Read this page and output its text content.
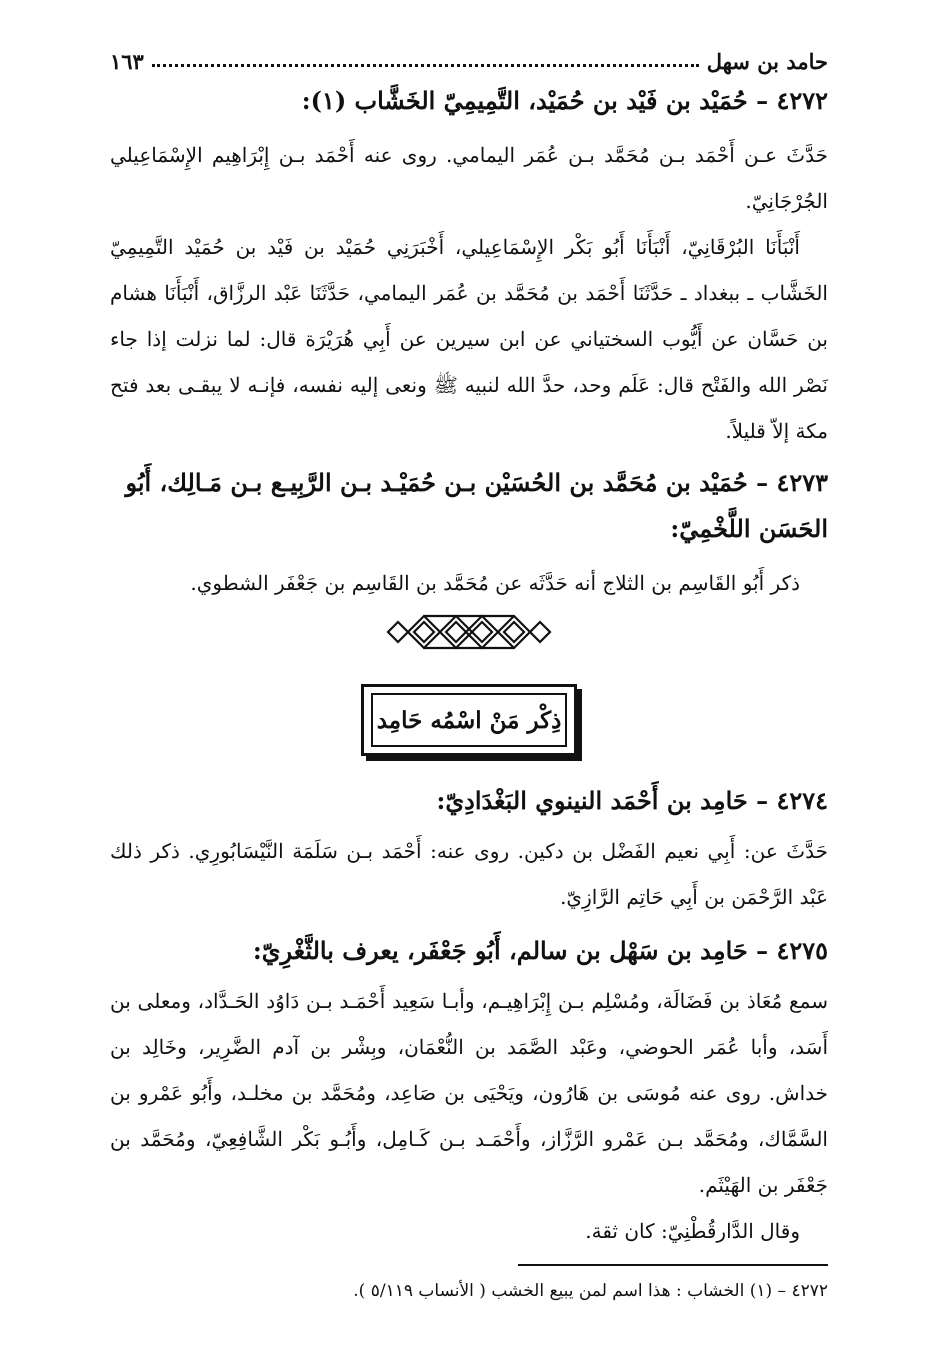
حامد بن سهل
١٦٣

٤٢٧٢ – حُمَيْد بن فَيْد بن حُمَيْد، التَّمِيمِيّ الخَشَّاب (١):

حَدَّثَ عـن أَحْمَد بـن مُحَمَّد بـن عُمَر اليمامي. روى عنه أَحْمَد بـن إِبْرَاهِيم الإِسْمَاعِيلي الجُرْجَانِيّ.

أَنْبَأَنَا البُرْقَانِيّ، أَنْبَأَنَا أَبُو بَكْر الإِسْمَاعِيلي، أَخْبَرَنِي حُمَيْد بن فَيْد بن حُمَيْد التَّمِيمِيّ الخَشَّاب ـ ببغداد ـ حَدَّثَنَا أَحْمَد بن مُحَمَّد بن عُمَر اليمامي، حَدَّثَنَا عَبْد الرزَّاق، أَنْبَأَنَا هشام بن حَسَّان عن أَيُّوب السختياني عن ابن سيرين عن أَبِي هُرَيْرَة قال: لما نزلت إذا جاء نَصْر الله والفَتْح قال: عَلَم وحد، حدَّ الله لنبيه ﷺ ونعى إليه نفسه، فإنـه لا يبقـى بعد فتح مكة إلاّ قليلاً.

٤٢٧٣ – حُمَيْد بن مُحَمَّد بن الحُسَيْن بـن حُمَيْـد بـن الرَّبِيـع بـن مَـالِك، أَبُو الحَسَن اللَّخْمِيّ:

ذكر أَبُو القَاسِم بن الثلاج أنه حَدَّثَه عن مُحَمَّد بن القَاسِم بن جَعْفَر الشطوي.

ذِكْر مَنْ اسْمُه حَامِد

٤٢٧٤ – حَامِد بن أَحْمَد النينوي البَغْدَادِيّ:

حَدَّثَ عن: أَبِي نعيم الفَضْل بن دكين. روى عنه: أَحْمَد بـن سَلَمَة النَّيْسَابُورِي. ذكر ذلك عَبْد الرَّحْمَن بن أَبِي حَاتِم الرَّازِيّ.

٤٢٧٥ – حَامِد بن سَهْل بن سالم، أَبُو جَعْفَر، يعرف بالثَّغْرِيّ:

سمع مُعَاذ بن فَضَالَة، ومُسْلِم بـن إِبْرَاهِيـم، وأبـا سَعِيد أَحْمَـد بـن دَاوُد الحَـدَّاد، ومعلى بن أَسَد، وأبا عُمَر الحوضي، وعَبْد الصَّمَد بن النُّعْمَان، وبِشْر بن آدم الضَّرِير، وخَالِد بن خداش. روى عنه مُوسَى بن هَارُون، ويَحْيَى بن صَاعِد، ومُحَمَّد بن مخلـد، وأَبُو عَمْرو بن السَّمَّاك، ومُحَمَّد بـن عَمْرو الرَّزَّاز، وأَحْمَـد بـن كَـامِل، وأَبُـو بَكْر الشَّافِعِيّ، ومُحَمَّد بن جَعْفَر بن الهَيْثَم.

وقال الدَّارقُطْنِيّ: كان ثقة.

٤٢٧٢ – (١) الخشاب : هذا اسم لمن يبيع الخشب ( الأنساب ٥/١١٩ ).
